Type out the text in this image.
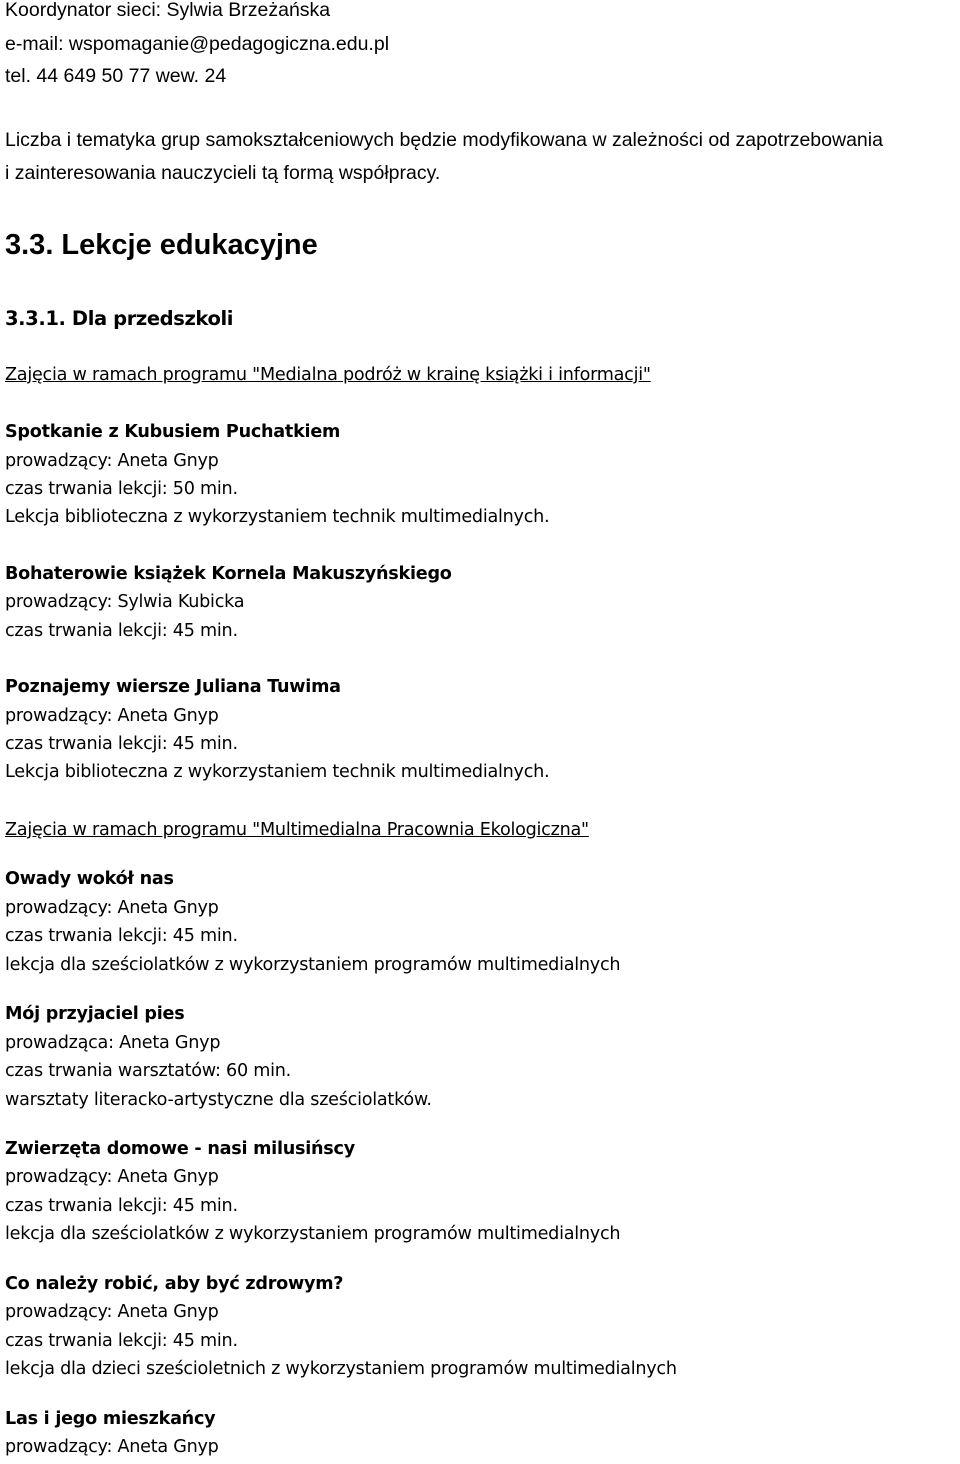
Koordynator sieci: Sylwia Brzeżańska
e-mail: wspomaganie@pedagogiczna.edu.pl
tel. 44 649 50 77 wew. 24
Liczba i tematyka grup samokształceniowych będzie modyfikowana w zależności od zapotrzebowania
i zainteresowania nauczycieli tą formą współpracy.
3.3. Lekcje edukacyjne
3.3.1. Dla przedszkoli
Zajęcia w ramach programu "Medialna podróż w krainę książki i informacji"
Spotkanie z Kubusiem Puchatkiem
prowadzący: Aneta Gnyp
czas trwania lekcji: 50 min.
Lekcja biblioteczna z wykorzystaniem technik multimedialnych.
Bohaterowie książek Kornela Makuszyńskiego
prowadzący: Sylwia Kubicka
czas trwania lekcji: 45 min.
Poznajemy wiersze Juliana Tuwima
prowadzący: Aneta Gnyp
czas trwania lekcji: 45 min.
Lekcja biblioteczna z wykorzystaniem technik multimedialnych.
Zajęcia w ramach programu "Multimedialna Pracownia Ekologiczna"
Owady wokół nas
prowadzący: Aneta Gnyp
czas trwania lekcji: 45 min.
lekcja dla sześciolatków z wykorzystaniem programów multimedialnych
Mój przyjaciel pies
prowadząca: Aneta Gnyp
czas trwania warsztatów: 60 min.
warsztaty literacko-artystyczne dla sześciolatków.
Zwierzęta domowe - nasi milusińscy
prowadzący: Aneta Gnyp
czas trwania lekcji: 45 min.
lekcja dla sześciolatków z wykorzystaniem programów multimedialnych
Co należy robić, aby być zdrowym?
prowadzący: Aneta Gnyp
czas trwania lekcji: 45 min.
lekcja dla dzieci sześcioletnich z wykorzystaniem programów multimedialnych
Las i jego mieszkańcy
prowadzący: Aneta Gnyp
